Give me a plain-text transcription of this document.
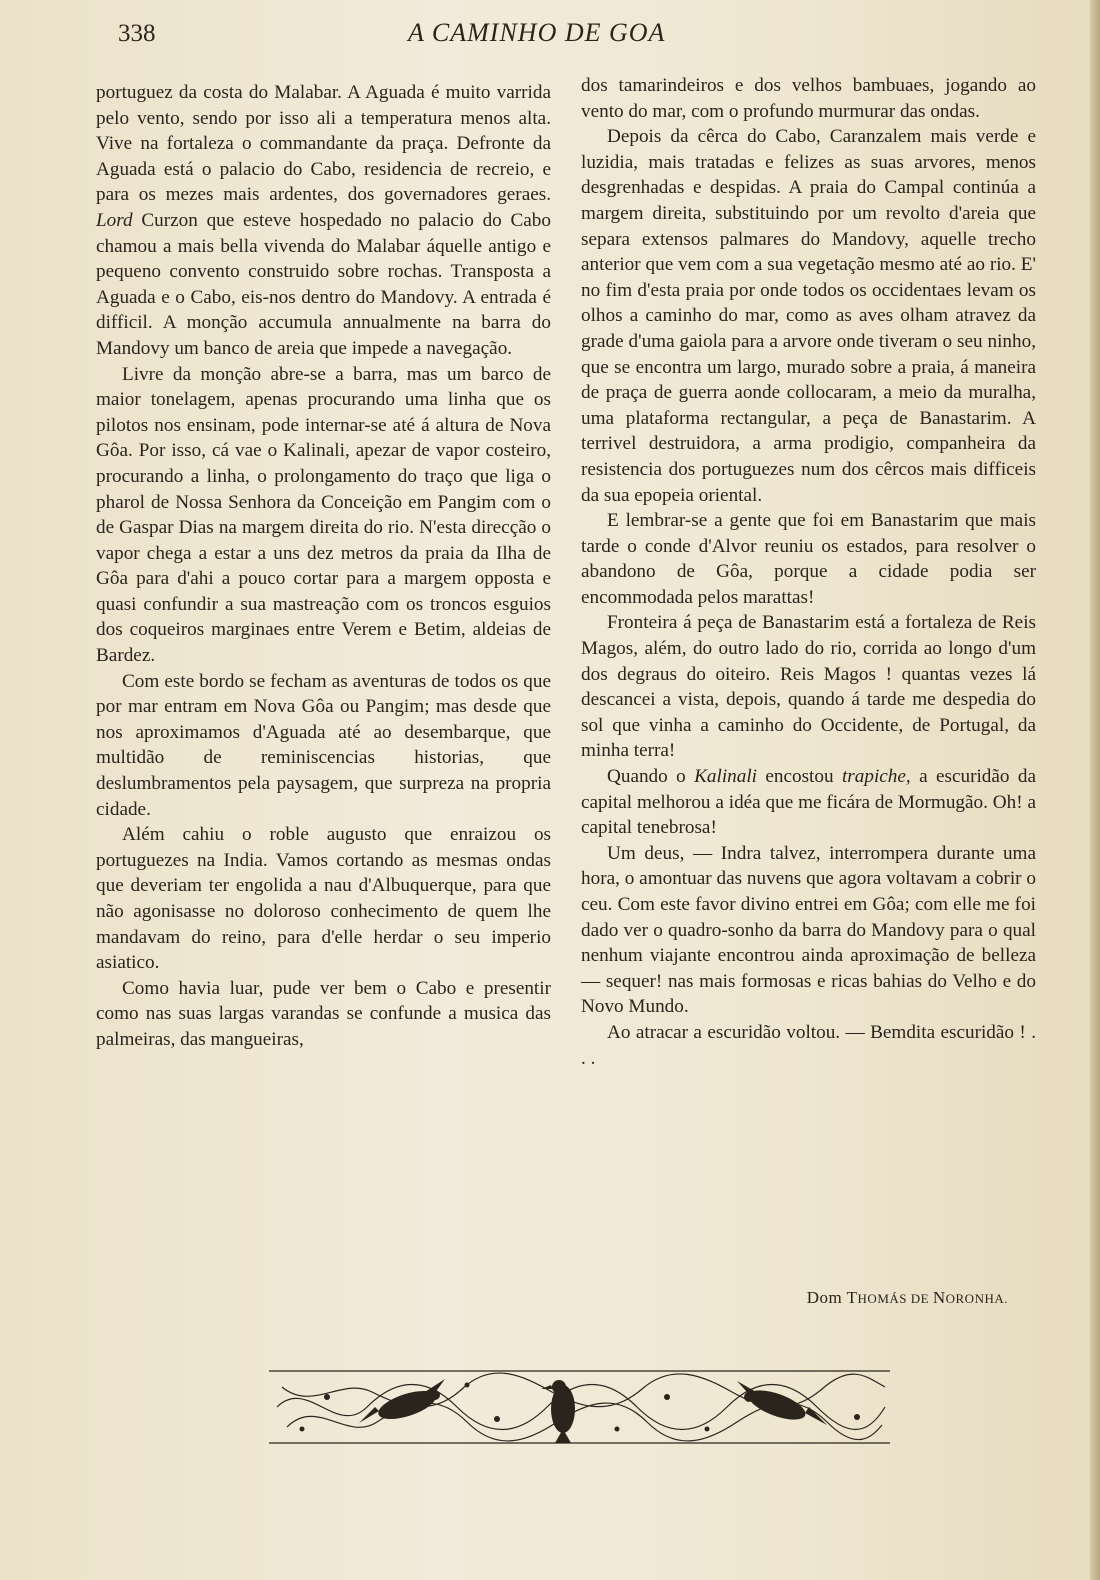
338	A CAMINHO DE GOA

portuguez da costa do Malabar. A Aguada é muito varrida pelo vento, sendo por isso ali a temperatura menos alta. Vive na fortaleza o commandante da praça. Defronte da Aguada está o palacio do Cabo, residencia de recreio, e para os mezes mais ardentes, dos governadores geraes. Lord Curzon que esteve hospedado no palacio do Cabo chamou a mais bella vivenda do Malabar áquelle antigo e pequeno convento construido sobre rochas. Transposta a Aguada e o Cabo, eis-nos dentro do Mandovy. A entrada é difficil. A monção accumula annualmente na barra do Mandovy um banco de areia que impede a navegação.

Livre da monção abre-se a barra, mas um barco de maior tonelagem, apenas procurando uma linha que os pilotos nos ensinam, pode internar-se até á altura de Nova Gôa. Por isso, cá vae o Kalinali, apezar de vapor costeiro, procurando a linha, o prolongamento do traço que liga o pharol de Nossa Senhora da Conceição em Pangim com o de Gaspar Dias na margem direita do rio. N'esta direcção o vapor chega a estar a uns dez metros da praia da Ilha de Gôa para d'ahi a pouco cortar para a margem opposta e quasi confundir a sua mastreação com os troncos esguios dos coqueiros marginaes entre Verem e Betim, aldeias de Bardez.

Com este bordo se fecham as aventuras de todos os que por mar entram em Nova Gôa ou Pangim; mas desde que nos aproximamos d'Aguada até ao desembarque, que multidão de reminiscencias historias, que deslumbramentos pela paysagem, que surpreza na propria cidade.

Além cahiu o roble augusto que enraizou os portuguezes na India. Vamos cortando as mesmas ondas que deveriam ter engolida a nau d'Albuquerque, para que não agonisasse no doloroso conhecimento de quem lhe mandavam do reino, para d'elle herdar o seu imperio asiatico.

Como havia luar, pude ver bem o Cabo e presentir como nas suas largas varandas se confunde a musica das palmeiras, das mangueiras,

dos tamarindeiros e dos velhos bambuaes, jogando ao vento do mar, com o profundo murmurar das ondas.

Depois da cêrca do Cabo, Caranzalem mais verde e luzidia, mais tratadas e felizes as suas arvores, menos desgrenhadas e despidas. A praia do Campal continúa a margem direita, substituindo por um revolto d'areia que separa extensos palmares do Mandovy, aquelle trecho anterior que vem com a sua vegetação mesmo até ao rio. E' no fim d'esta praia por onde todos os occidentaes levam os olhos a caminho do mar, como as aves olham atravez da grade d'uma gaiola para a arvore onde tiveram o seu ninho, que se encontra um largo, murado sobre a praia, á maneira de praça de guerra aonde collocaram, a meio da muralha, uma plataforma rectangular, a peça de Banastarim. A terrivel destruidora, a arma prodigio, companheira da resistencia dos portuguezes num dos cêrcos mais difficeis da sua epopeia oriental.

E lembrar-se a gente que foi em Banastarim que mais tarde o conde d'Alvor reuniu os estados, para resolver o abandono de Gôa, porque a cidade podia ser encommodada pelos marattas!

Fronteira á peça de Banastarim está a fortaleza de Reis Magos, além, do outro lado do rio, corrida ao longo d'um dos degraus do oiteiro. Reis Magos ! quantas vezes lá descancei a vista, depois, quando á tarde me despedia do sol que vinha a caminho do Occidente, de Portugal, da minha terra!

Quando o Kalinali encostou trapiche, a escuridão da capital melhorou a idéa que me ficára de Mormugão. Oh! a capital tenebrosa!

Um deus, — Indra talvez, interrompera durante uma hora, o amontuar das nuvens que agora voltavam a cobrir o ceu. Com este favor divino entrei em Gôa; com elle me foi dado ver o quadro-sonho da barra do Mandovy para o qual nenhum viajante encontrou ainda aproximação de belleza — sequer! nas mais formosas e ricas bahias do Velho e do Novo Mundo.

Ao atracar a escuridão voltou. — Bemdita escuridão ! . . .

Dom THOMÁS DE NORONHA.
